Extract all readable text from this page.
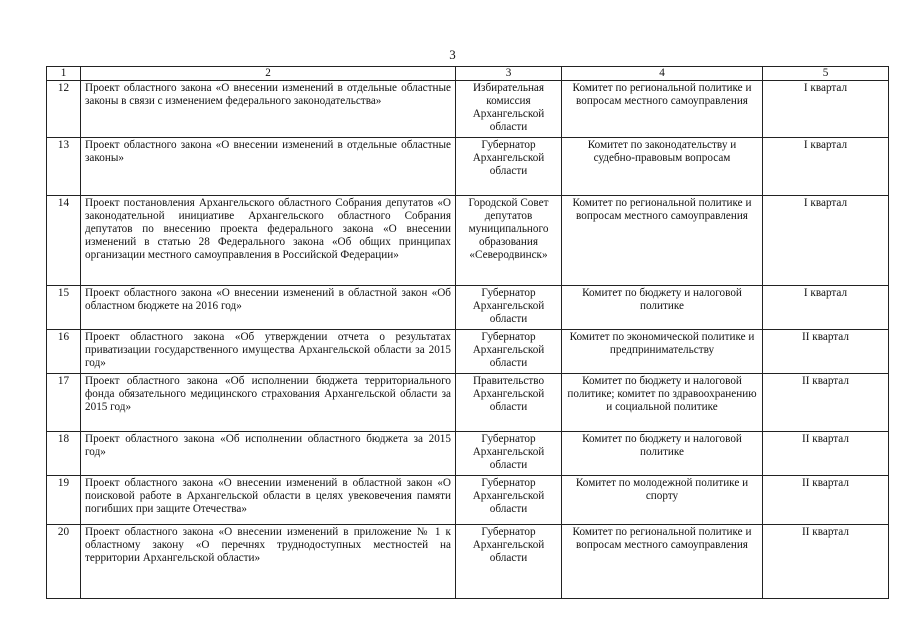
3
1	2	3	4	5
12	Проект областного закона «О внесении изменений в отдельные областные законы в связи с изменением федерального законодательства»	Избирательная комиссия Архангельской области	Комитет по региональной политике и вопросам местного самоуправления	I квартал
13	Проект областного закона «О внесении изменений в отдельные областные законы»	Губернатор Архангельской области	Комитет по законодательству и судебно-правовым вопросам	I квартал
14	Проект постановления Архангельского областного Собрания депутатов «О законодательной инициативе Архангельского областного Собрания депутатов по внесению проекта федерального закона «О внесении изменений в статью 28 Федерального закона «Об общих принципах организации местного самоуправления в Российской Федерации»	Городской Совет депутатов муниципального образования «Северодвинск»	Комитет по региональной политике и вопросам местного самоуправления	I квартал
15	Проект областного закона «О внесении изменений в областной закон «Об областном бюджете на 2016 год»	Губернатор Архангельской области	Комитет по бюджету и налоговой политике	I квартал
16	Проект областного закона «Об утверждении отчета о результатах приватизации государственного имущества Архангельской области за 2015 год»	Губернатор Архангельской области	Комитет по экономической политике и предпринимательству	II квартал
17	Проект областного закона «Об исполнении бюджета территориального фонда обязательного медицинского страхования Архангельской области за 2015 год»	Правительство Архангельской области	Комитет по бюджету и налоговой политике; комитет по здравоохранению и социальной политике	II квартал
18	Проект областного закона «Об исполнении областного бюджета за 2015 год»	Губернатор Архангельской области	Комитет по бюджету и налоговой политике	II квартал
19	Проект областного закона «О внесении изменений в областной закон «О поисковой работе в Архангельской области в целях увековечения памяти погибших при защите Отечества»	Губернатор Архангельской области	Комитет по молодежной политике и спорту	II квартал
20	Проект областного закона «О внесении изменений в приложение № 1 к областному закону «О перечнях труднодоступных местностей на территории Архангельской области»	Губернатор Архангельской области	Комитет по региональной политике и вопросам местного самоуправления	II квартал
